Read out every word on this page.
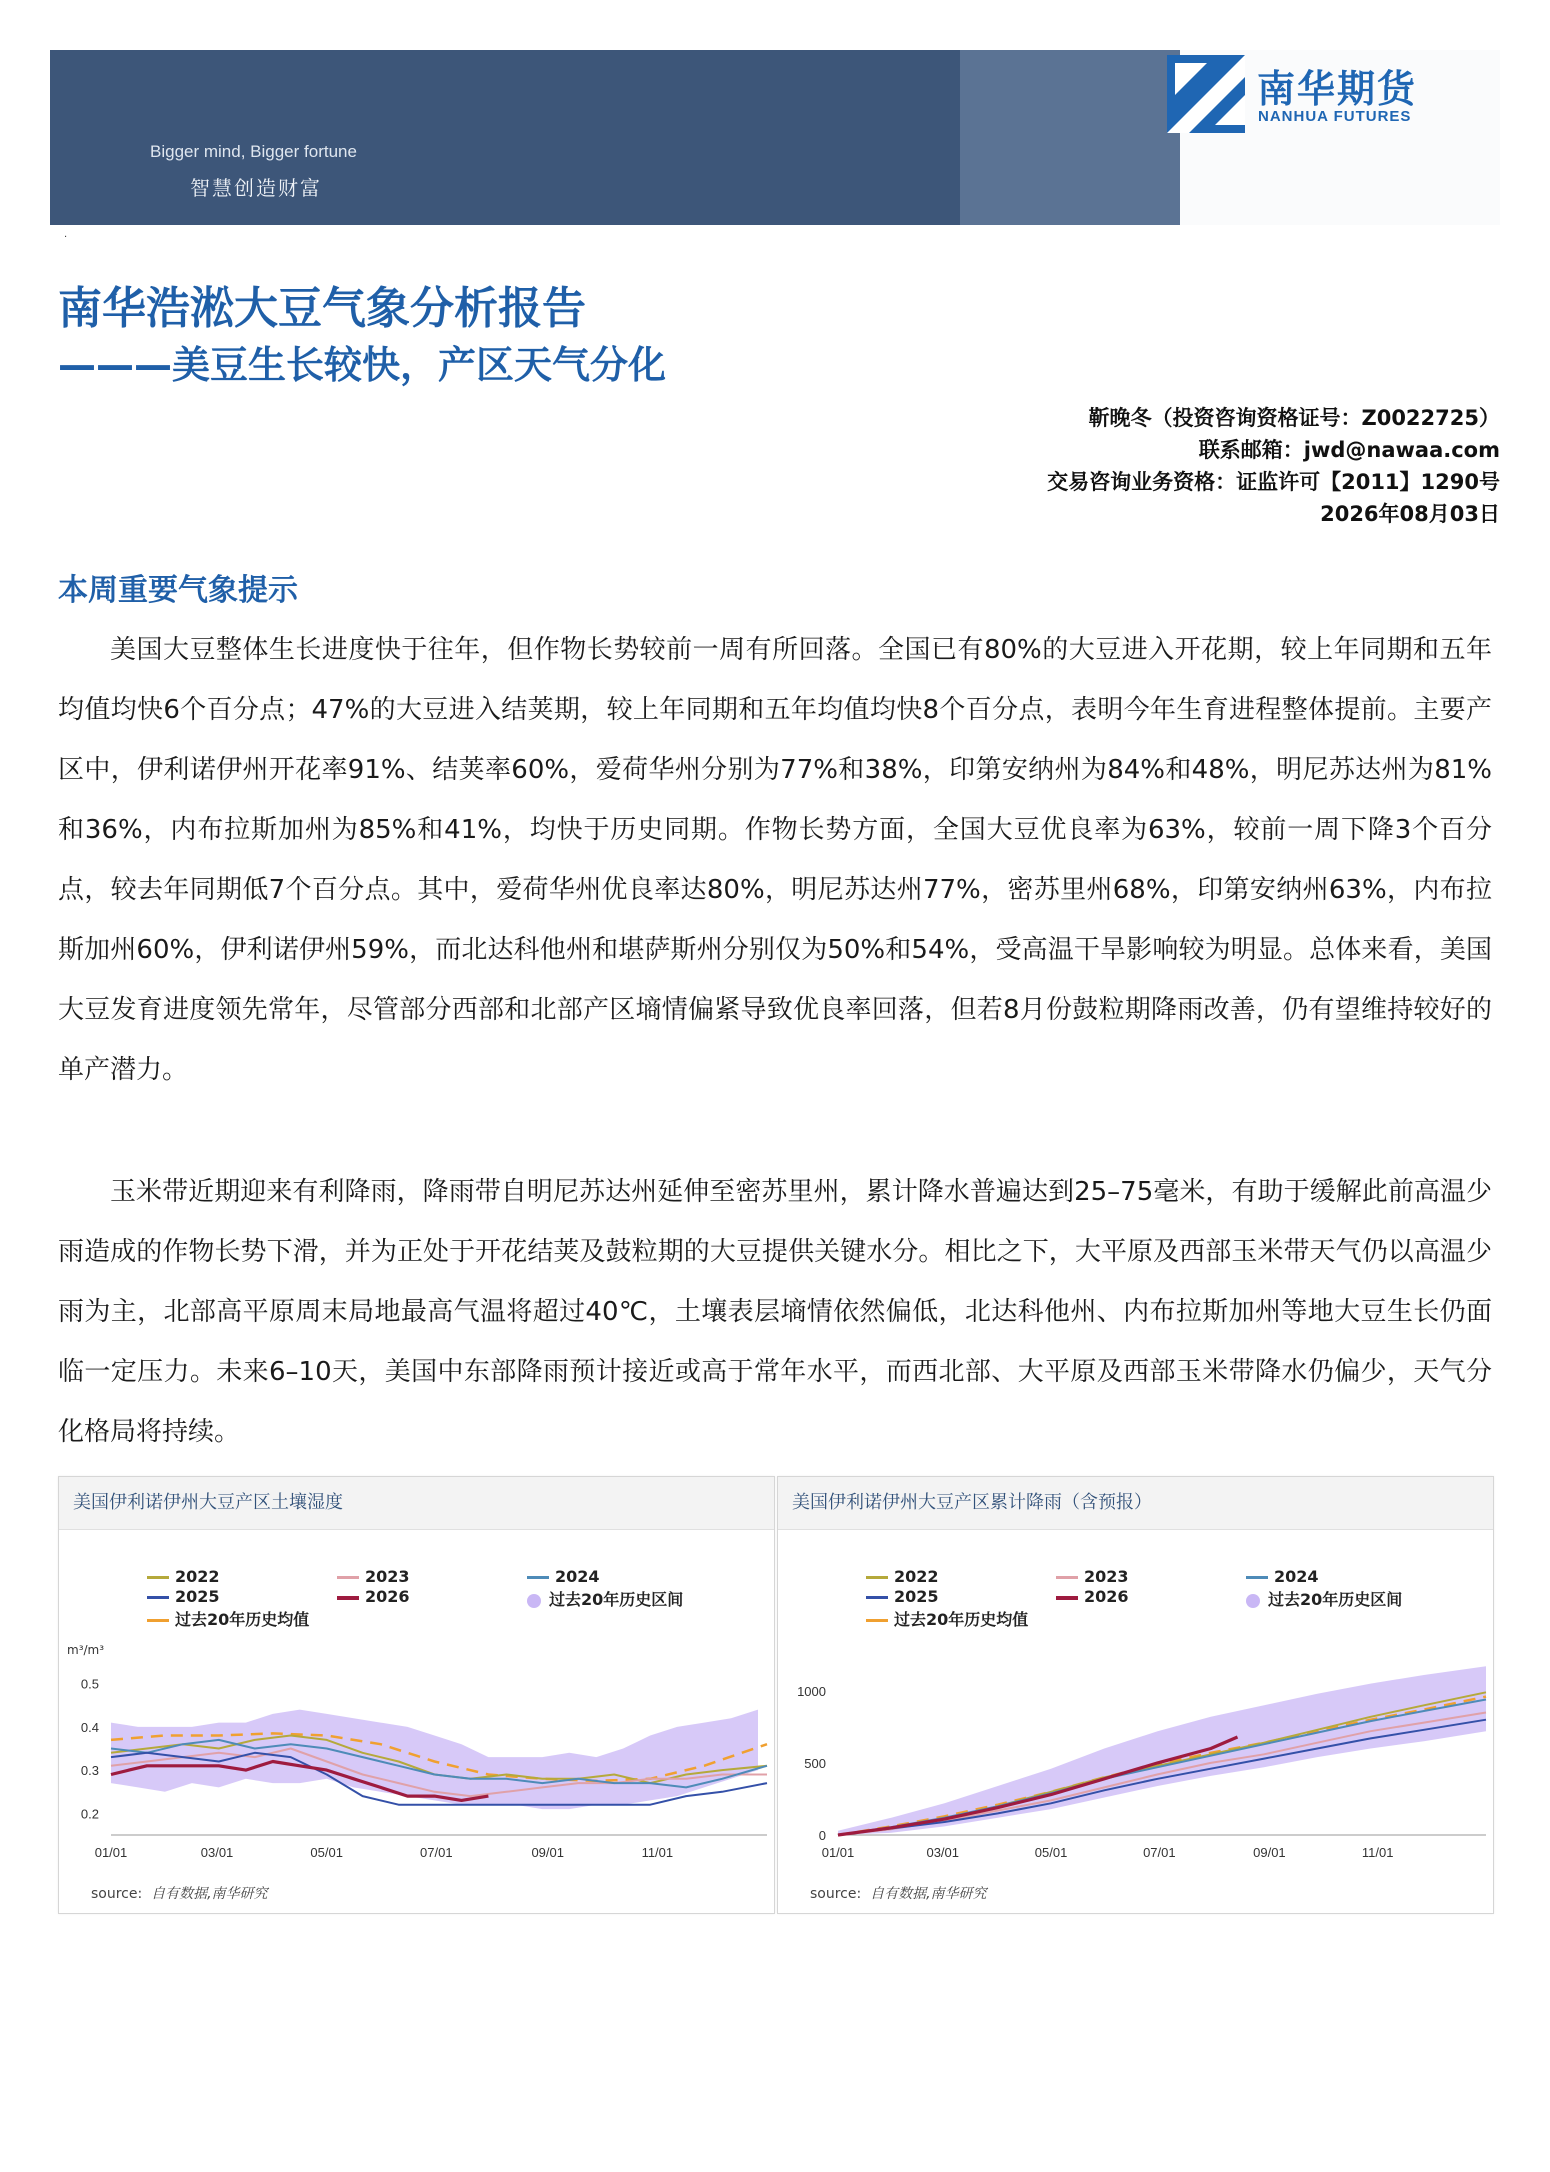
Bigger mind, Bigger fortune
智慧创造财富
南华期货
NANHUA FUTURES
·
南华浩淞大豆气象分析报告
———美豆生长较快，产区天气分化
靳晚冬（投资咨询资格证号：Z0022725）
联系邮箱：jwd@nawaa.com
交易咨询业务资格：证监许可【2011】1290号
2026年08月03日
本周重要气象提示

美国大豆整体生长进度快于往年，但作物长势较前一周有所回落。全国已有80%的大豆进入开花期，较上年同期和五年均值均快6个百分点；47%的大豆进入结荚期，较上年同期和五年均值均快8个百分点，表明今年生育进程整体提前。主要产区中，伊利诺伊州开花率91%、结荚率60%，爱荷华州分别为77%和38%，印第安纳州为84%和48%，明尼苏达州为81%和36%，内布拉斯加州为85%和41%，均快于历史同期。作物长势方面，全国大豆优良率为63%，较前一周下降3个百分点，较去年同期低7个百分点。其中，爱荷华州优良率达80%，明尼苏达州77%，密苏里州68%，印第安纳州63%，内布拉斯加州60%，伊利诺伊州59%，而北达科他州和堪萨斯州分别仅为50%和54%，受高温干旱影响较为明显。总体来看，美国大豆发育进度领先常年，尽管部分西部和北部产区墒情偏紧导致优良率回落，但若8月份鼓粒期降雨改善，仍有望维持较好的单产潜力。

玉米带近期迎来有利降雨，降雨带自明尼苏达州延伸至密苏里州，累计降水普遍达到25–75毫米，有助于缓解此前高温少雨造成的作物长势下滑，并为正处于开花结荚及鼓粒期的大豆提供关键水分。相比之下，大平原及西部玉米带天气仍以高温少雨为主，北部高平原周末局地最高气温将超过40℃，土壤表层墒情依然偏低，北达科他州、内布拉斯加州等地大豆生长仍面临一定压力。未来6–10天，美国中东部降雨预计接近或高于常年水平，而西北部、大平原及西部玉米带降水仍偏少，天气分化格局将持续。

美国伊利诺伊州大豆产区土壤湿度
2022	2023	2024
2025	2026	过去20年历史区间
过去20年历史均值
0.2
0.3
0.4
0.5
01/01	03/01	05/01	07/01	09/01	11/01
m³/m³
source:  自有数据,南华研究
美国伊利诺伊州大豆产区累计降雨（含预报）
2022	2023	2024
2025	2026	过去20年历史区间
过去20年历史均值
0
500
1000
01/01	03/01	05/01	07/01	09/01	11/01
source:  自有数据,南华研究
